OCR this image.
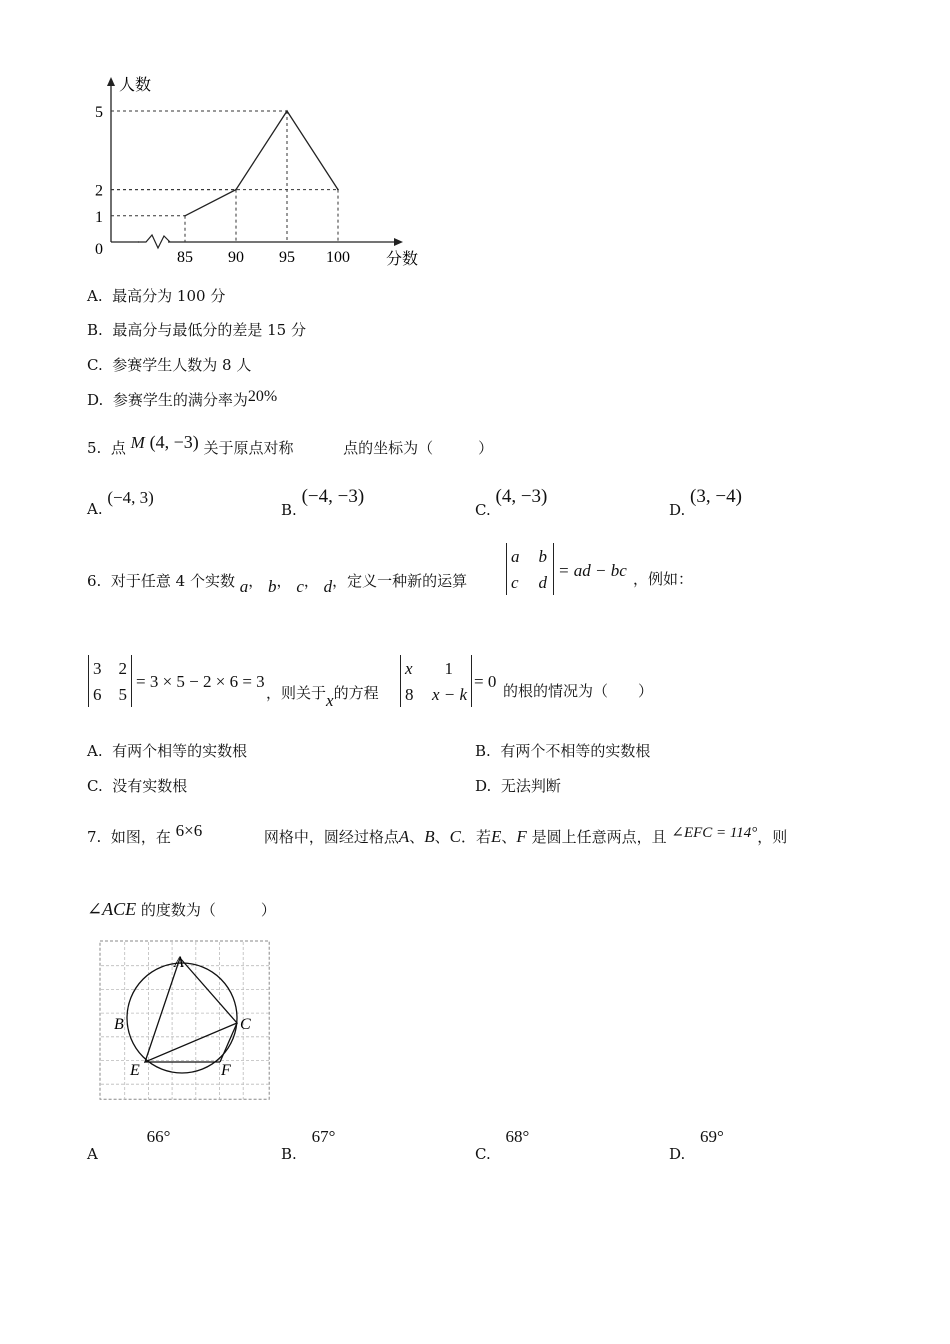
人数
分数
0	85 90 95 100
1
2
5
A. 最高分为 100 分
B. 最高分与最低分的差是 15 分
C. 参赛学生人数为 8 人
D. 参赛学生的满分率为20%
5. 点 M (4, −3) 关于原点对称	点的坐标为（　　　）
A. (−4, 3)
B. (−4, −3)
C. (4, −3)
D. (3, −4)
6. 对于任意 4 个实数 a， b， c， d，定义一种新的运算
a b
c d
= ad − bc ，例如：
3 2
6 5
= 3 × 5 − 2 × 6 = 3
，则关于x的方程
x 1
8 x − k
= 0 的根的情况为（　　）
A. 有两个相等的实数根	B. 有两个不相等的实数根
C. 没有实数根	D. 无法判断
7. 如图，在 6×6	网格中，圆经过格点A、B、C．若E、F 是圆上任意两点，且 ∠EFC = 114°，则
∠ACE 的度数为（　　　）
A
B	C
E	F
A 66°
B. 67°
C. 68°
D. 69°
